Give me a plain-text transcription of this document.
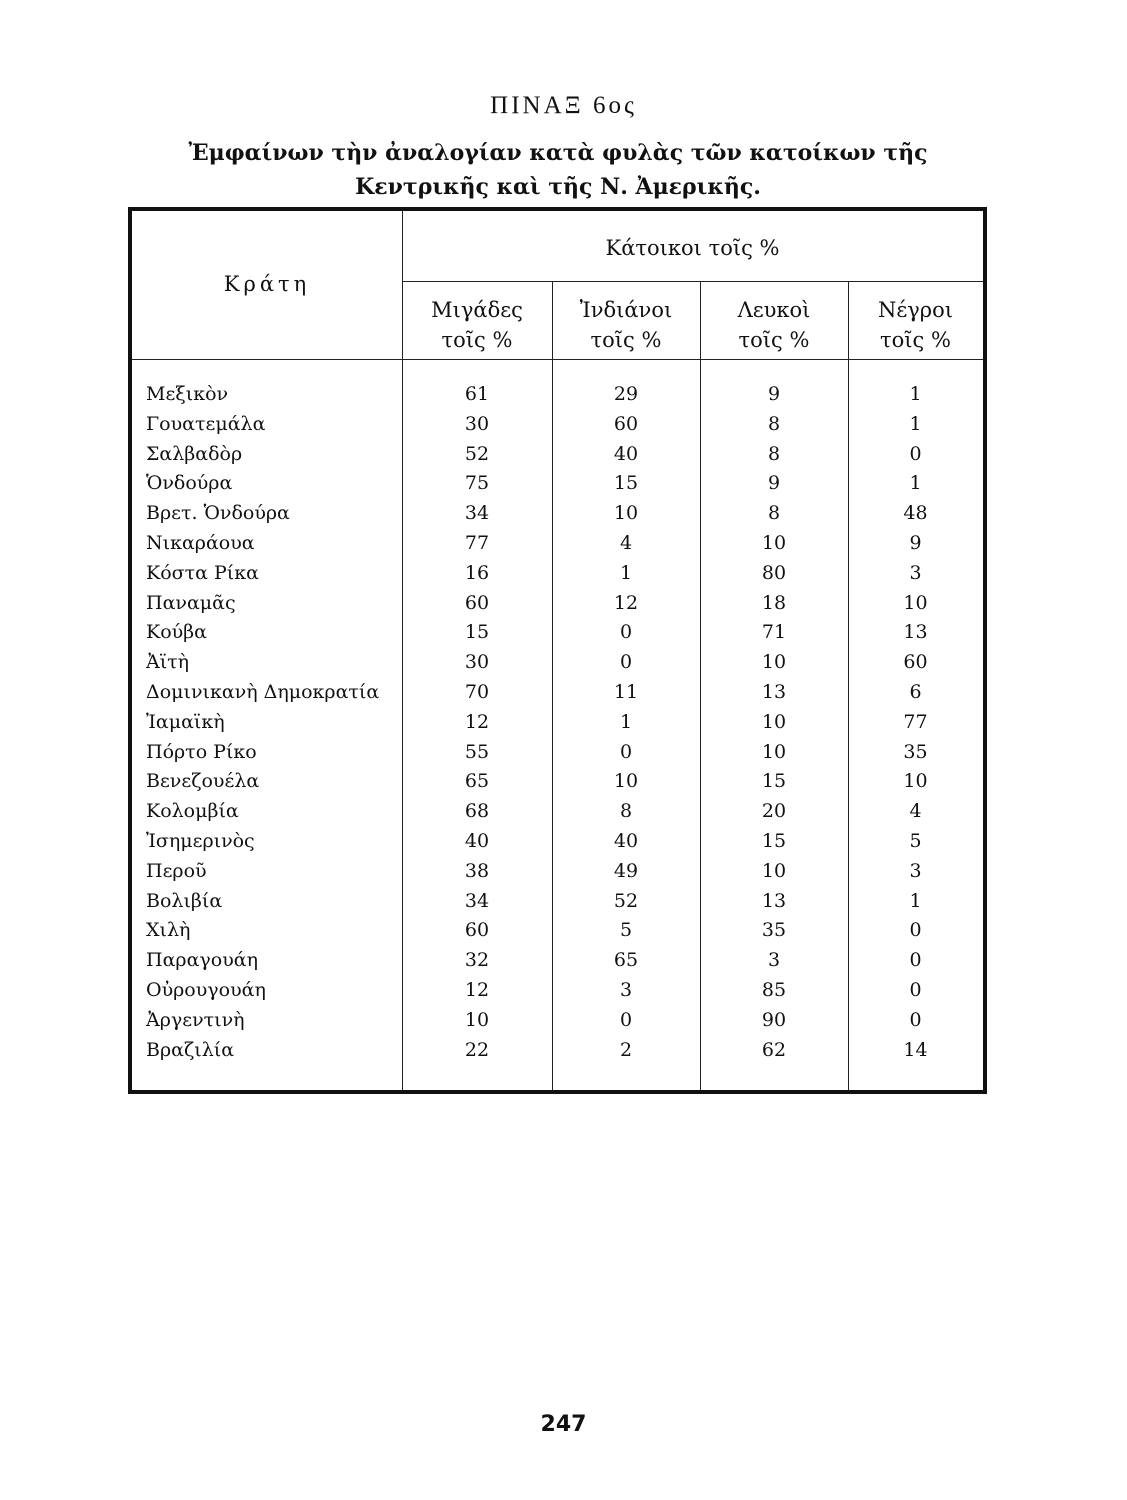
ΠΙΝΑΞ 6ος
Ἐμφαίνων τὴν ἀναλογίαν κατὰ φυλὰς τῶν κατοίκων τῆς Κεντρικῆς καὶ τῆς Ν. Ἀμερικῆς.
Κράτη
Κάτοικοι τοῖς %
Μιγάδες
τοῖς %
Ἰνδιάνοι
τοῖς %
Λευκοὶ
τοῖς %
Νέγροι
τοῖς %
Μεξικὸν	61	29	9	1
Γουατεμάλα	30	60	8	1
Σαλβαδὸρ	52	40	8	0
Ὁνδούρα	75	15	9	1
Βρετ. Ὁνδούρα	34	10	8	48
Νικαράουα	77	4	10	9
Κόστα Ρίκα	16	1	80	3
Παναμᾶς	60	12	18	10
Κούβα	15	0	71	13
Ἀϊτὴ	30	0	10	60
Δομινικανὴ Δημοκρατία	70	11	13	6
Ἰαμαϊκὴ	12	1	10	77
Πόρτο Ρίκο	55	0	10	35
Βενεζουέλα	65	10	15	10
Κολομβία	68	8	20	4
Ἰσημερινὸς	40	40	15	5
Περοῦ	38	49	10	3
Βολιβία	34	52	13	1
Χιλὴ	60	5	35	0
Παραγουάη	32	65	3	0
Οὐρουγουάη	12	3	85	0
Ἀργεντινὴ	10	0	90	0
Βραζιλία	22	2	62	14
247
